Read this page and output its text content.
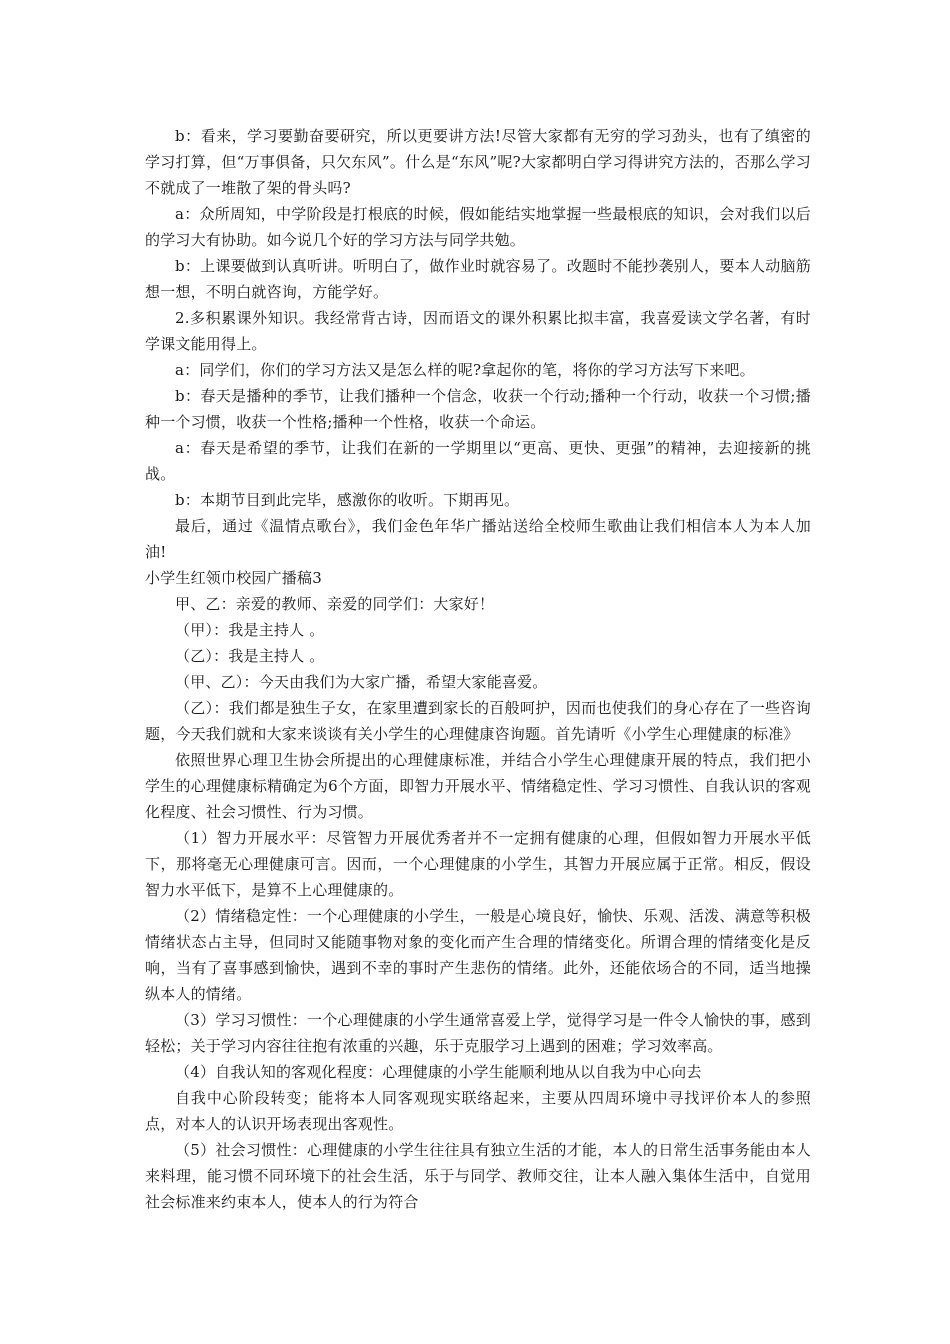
b：看来，学习要勤奋要研究，所以更要讲方法!尽管大家都有无穷的学习劲头，也有了缜密的学习打算，但“万事俱备，只欠东风”。什么是“东风”呢?大家都明白学习得讲究方法的，否那么学习不就成了一堆散了架的骨头吗?

a：众所周知，中学阶段是打根底的时候，假如能结实地掌握一些最根底的知识，会对我们以后的学习大有协助。如今说几个好的学习方法与同学共勉。

b：上课要做到认真听讲。听明白了，做作业时就容易了。改题时不能抄袭别人，要本人动脑筋想一想，不明白就咨询，方能学好。

2.多积累课外知识。我经常背古诗，因而语文的课外积累比拟丰富，我喜爱读文学名著，有时学课文能用得上。

a：同学们，你们的学习方法又是怎么样的呢?拿起你的笔，将你的学习方法写下来吧。

b：春天是播种的季节，让我们播种一个信念，收获一个行动;播种一个行动，收获一个习惯;播种一个习惯，收获一个性格;播种一个性格，收获一个命运。

a：春天是希望的季节，让我们在新的一学期里以“更高、更快、更强”的精神，去迎接新的挑战。

b：本期节目到此完毕，感激你的收听。下期再见。

最后，通过《温情点歌台》，我们金色年华广播站送给全校师生歌曲让我们相信本人为本人加油!

小学生红领巾校园广播稿3

甲、乙：亲爱的教师、亲爱的同学们：大家好！

（甲）：我是主持人 。

（乙）：我是主持人 。

（甲、乙）：今天由我们为大家广播，希望大家能喜爱。

（乙）：我们都是独生子女，在家里遭到家长的百般呵护，因而也使我们的身心存在了一些咨询题，今天我们就和大家来谈谈有关小学生的心理健康咨询题。首先请听《小学生心理健康的标准》

依照世界心理卫生协会所提出的心理健康标准，并结合小学生心理健康开展的特点，我们把小学生的心理健康标精确定为6个方面，即智力开展水平、情绪稳定性、学习习惯性、自我认识的客观化程度、社会习惯性、行为习惯。

（1）智力开展水平：尽管智力开展优秀者并不一定拥有健康的心理，但假如智力开展水平低下，那将毫无心理健康可言。因而，一个心理健康的小学生，其智力开展应属于正常。相反，假设智力水平低下，是算不上心理健康的。

（2）情绪稳定性：一个心理健康的小学生，一般是心境良好，愉快、乐观、活泼、满意等积极情绪状态占主导，但同时又能随事物对象的变化而产生合理的情绪变化。所谓合理的情绪变化是反响，当有了喜事感到愉快，遇到不幸的事时产生悲伤的情绪。此外，还能依场合的不同，适当地操纵本人的情绪。

（3）学习习惯性：一个心理健康的小学生通常喜爱上学，觉得学习是一件令人愉快的事，感到轻松；关于学习内容往往抱有浓重的兴趣，乐于克服学习上遇到的困难；学习效率高。

（4）自我认知的客观化程度：心理健康的小学生能顺利地从以自我为中心向去

自我中心阶段转变；能将本人同客观现实联络起来，主要从四周环境中寻找评价本人的参照点，对本人的认识开场表现出客观性。

（5）社会习惯性：心理健康的小学生往往具有独立生活的才能，本人的日常生活事务能由本人来料理，能习惯不同环境下的社会生活，乐于与同学、教师交往，让本人融入集体生活中，自觉用社会标准来约束本人，使本人的行为符合
